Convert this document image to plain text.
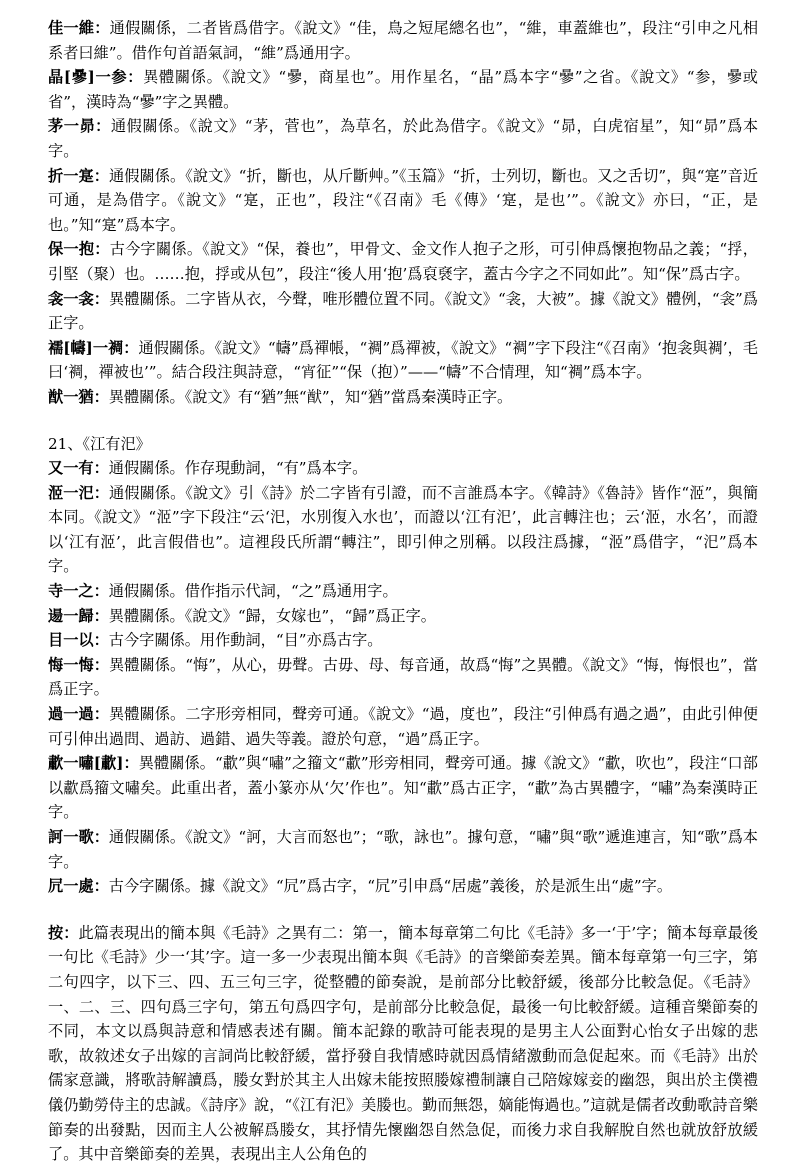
佳一維：通假關係，二者皆爲借字。《說文》“佳，鳥之短尾總名也”，“維，車蓋維也”，段注“引申之凡相系者曰維”。借作句首語氣詞，“維”爲通用字。

晶[曑]一参：異體關係。《說文》“曑，商星也”。用作星名，“晶”爲本字“曑”之省。《說文》“参，曑或省”，漢時為“曑”字之異體。

茅一昴：通假關係。《說文》“茅，菅也”，為草名，於此為借字。《說文》“昴，白虎宿星”，知“昴”爲本字。

折一寔：通假關係。《說文》“折，斷也，从斤斷艸。”《玉篇》“折，士列切，斷也。又之舌切”，與“寔”音近可通，是為借字。《說文》“寔，正也”，段注“《召南》毛《傳》‘寔，是也’”。《說文》亦曰，“正，是也。”知“寔”爲本字。

保一抱：古今字關係。《說文》“保，養也”，甲骨文、金文作人抱子之形，可引伸爲懷抱物品之義；“捊，引堅（聚）也。……抱，捊或从包”，段注“後人用‘抱’爲裒褎字，蓋古今字之不同如此”。知“保”爲古字。

衾一衾：異體關係。二字皆从衣，今聲，唯形體位置不同。《說文》“衾，大被”。據《說文》體例，“衾”爲正字。

襦[幬]一裯：通假關係。《說文》“幬”爲禪帳，“裯”爲禪被，《說文》“裯”字下段注“《召南》‘抱衾與裯’，毛曰‘裯，禪被也’”。結合段注與詩意，“宵征”“保（抱）”——“幬”不合情理，知“裯”爲本字。

猷一猶：異體關係。《說文》有“猶”無“猷”，知“猶”當爲秦漢時正字。

21、《江有汜》

又一有：通假關係。作存現動詞，“有”爲本字。

洍一汜：通假關係。《說文》引《詩》於二字皆有引證，而不言誰爲本字。《韓詩》《魯詩》皆作“洍”，與簡本同。《說文》“洍”字下段注“云‘汜，水別復入水也’，而證以‘江有汜’，此言轉注也；云‘洍，水名’，而證以‘江有洍’，此言假借也”。這裡段氏所謂“轉注”，即引伸之別稱。以段注爲據，“洍”爲借字，“汜”爲本字。

寺一之：通假關係。借作指示代詞，“之”爲通用字。

逿一歸：異體關係。《說文》“歸，女嫁也”，“歸”爲正字。

目一以：古今字關係。用作動詞，“目”亦爲古字。

悔一悔：異體關係。“悔”，从心，毋聲。古毋、母、每音通，故爲“悔”之異體。《說文》“悔，悔恨也”，當爲正字。

過一過：異體關係。二字形旁相同，聲旁可通。《說文》“過，度也”，段注“引伸爲有過之過”，由此引伸便可引伸出過問、過訪、過錯、過失等義。證於句意，“過”爲正字。

歗一嘯[歗]：異體關係。“歗”與“嘯”之籀文“歗”形旁相同，聲旁可通。據《說文》“歗，吹也”，段注“口部以歗爲籀文嘯矣。此重出者，蓋小篆亦从‘欠’作也”。知“歗”爲古正字，“歗”為古異體字，“嘯”為秦漢時正字。

訶一歌：通假關係。《說文》“訶，大言而怒也”；“歌，詠也”。據句意，“嘯”與“歌”遞進連言，知“歌”爲本字。

凥一處：古今字關係。據《說文》“凥”爲古字，“凥”引申爲“居處”義後，於是派生出“處”字。

按：此篇表現出的簡本與《毛詩》之異有二：第一，簡本每章第二句比《毛詩》多一‘于’字；簡本每章最後一句比《毛詩》少一‘其’字。這一多一少表現出簡本與《毛詩》的音樂節奏差異。簡本每章第一句三字，第二句四字，以下三、四、五三句三字，從整體的節奏說，是前部分比較舒緩，後部分比較急促。《毛詩》一、二、三、四句爲三字句，第五句爲四字句，是前部分比較急促，最後一句比較舒緩。這種音樂節奏的不同，本文以爲與詩意和情感表述有關。簡本記錄的歌詩可能表現的是男主人公面對心怡女子出嫁的悲歌，故敘述女子出嫁的言詞尚比較舒緩，當抒發自我情感時就因爲情緒激動而急促起來。而《毛詩》出於儒家意識，將歌詩解讀爲，媵女對於其主人出嫁未能按照媵嫁禮制讓自己陪嫁嫁妾的幽怨，與出於主僕禮儀仍勤勞侍主的忠誠。《詩序》說，“《江有汜》美媵也。勤而無怨，嫡能悔過也。”這就是儒者改動歌詩音樂節奏的出發點，因而主人公被解爲媵女，其抒情先懷幽怨自然急促，而後力求自我解脫自然也就放舒放緩了。其中音樂節奏的差異，表現出主人公角色的
